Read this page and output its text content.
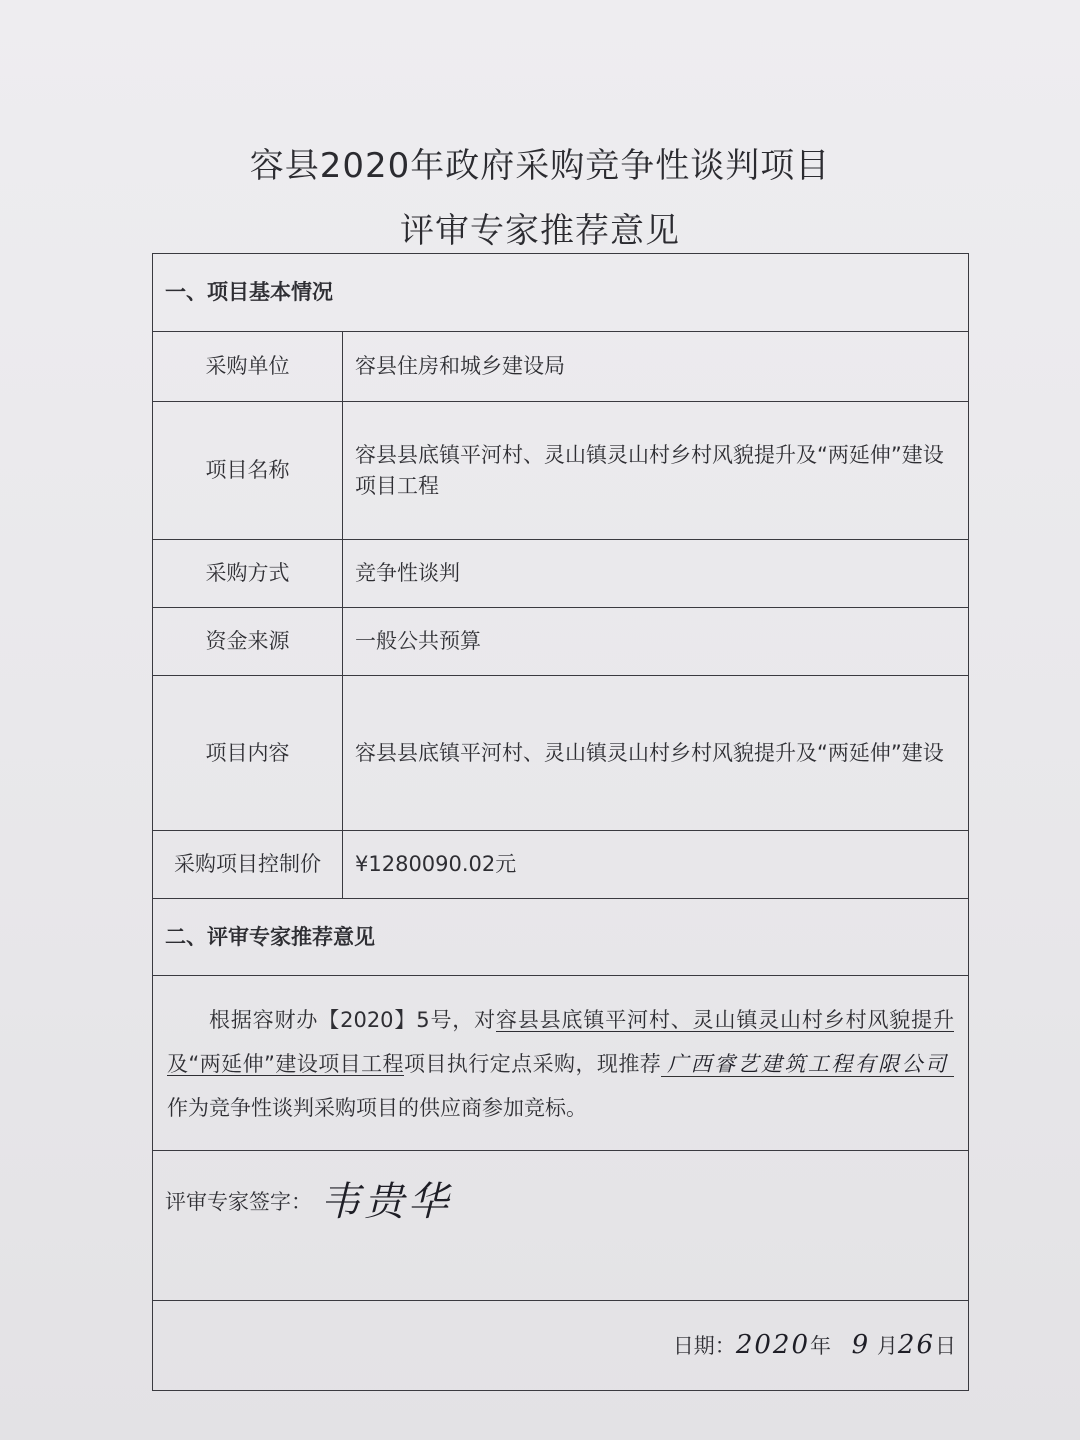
容县2020年政府采购竞争性谈判项目
评审专家推荐意见
一、项目基本情况	
采购单位	容县住房和城乡建设局
项目名称	容县县底镇平河村、灵山镇灵山村乡村风貌提升及“两延伸”建设项目工程
采购方式	竞争性谈判
资金来源	一般公共预算
项目内容	容县县底镇平河村、灵山镇灵山村乡村风貌提升及“两延伸”建设
采购项目控制价	¥1280090.02元
二、评审专家推荐意见	

根据容财办【2020】5号，对容县县底镇平河村、灵山镇灵山村乡村风貌提升及“两延伸”建设项目工程项目执行定点采购，现推荐 广西睿艺建筑工程有限公司作为竞争性谈判采购项目的供应商参加竞标。	

评审专家签字： 韦贵华	
日期：2020年 9 月26日	
